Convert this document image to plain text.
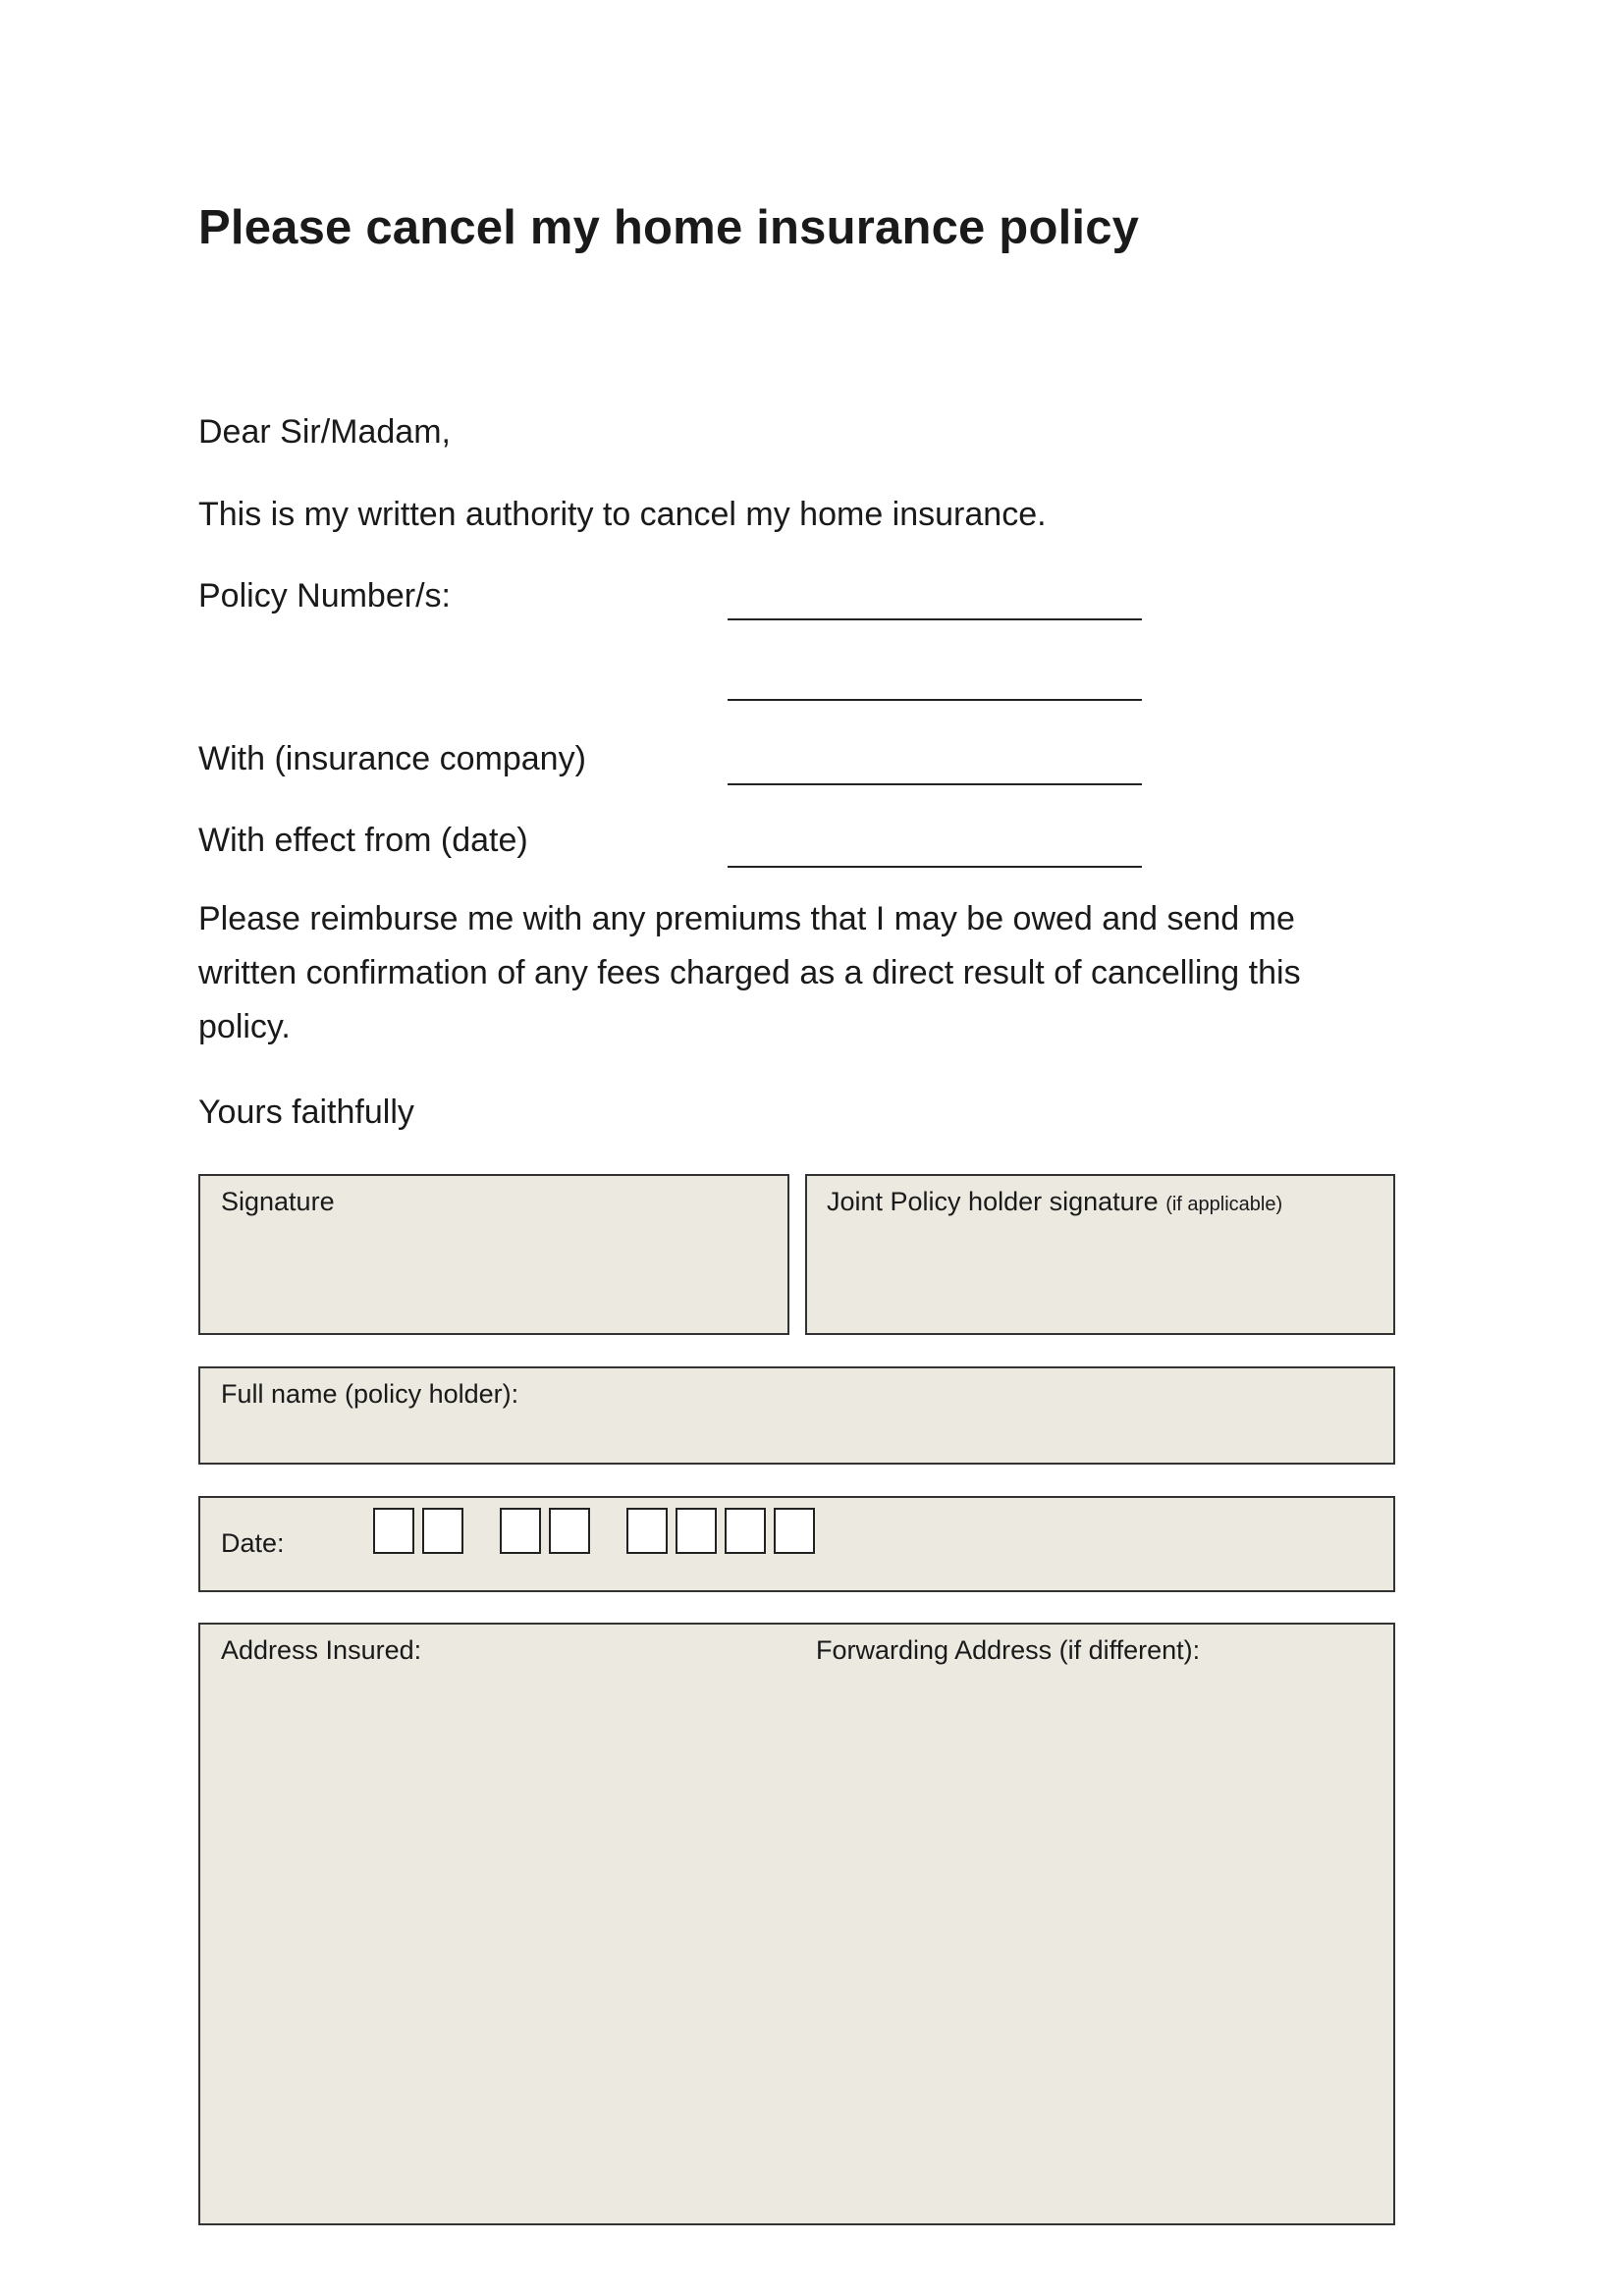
Please cancel my home insurance policy
Dear Sir/Madam,
This is my written authority to cancel my home insurance.
Policy Number/s:
With (insurance company)
With effect from (date)
Please reimburse me with any premiums that I may be owed and send me written confirmation of any fees charged as a direct result of cancelling this policy.
Yours faithfully
Signature	Joint Policy holder signature (if applicable)
Full name (policy holder):
Date:
Address Insured:	Forwarding Address (if different):
